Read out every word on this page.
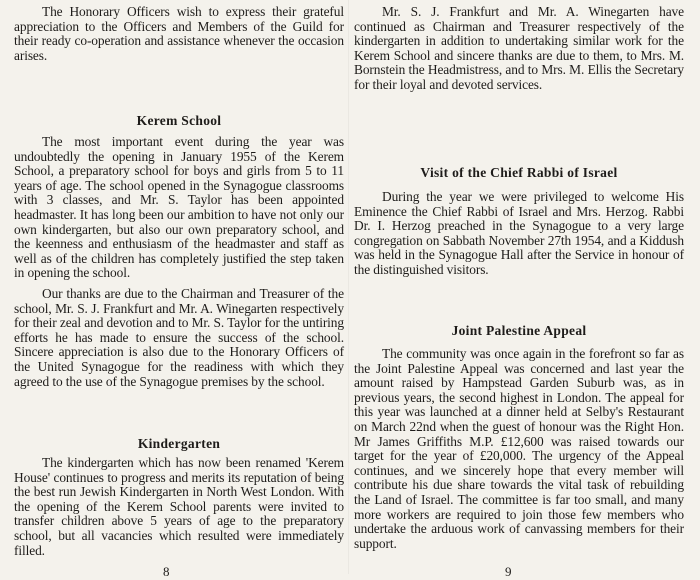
The Honorary Officers wish to express their grateful appreciation to the Officers and Members of the Guild for their ready co-operation and assistance whenever the occasion arises.

Kerem School

The most important event during the year was undoubtedly the opening in January 1955 of the Kerem School, a preparatory school for boys and girls from 5 to 11 years of age. The school opened in the Synagogue classrooms with 3 classes, and Mr. S. Taylor has been appointed headmaster. It has long been our ambition to have not only our own kindergarten, but also our own preparatory school, and the keenness and enthusiasm of the headmaster and staff as well as of the children has completely justified the step taken in opening the school.

Our thanks are due to the Chairman and Treasurer of the school, Mr. S. J. Frankfurt and Mr. A. Winegarten respectively for their zeal and devotion and to Mr. S. Taylor for the untiring efforts he has made to ensure the success of the school. Sincere appreciation is also due to the Honorary Officers of the United Synagogue for the readiness with which they agreed to the use of the Synagogue premises by the school.

Kindergarten

The kindergarten which has now been renamed 'Kerem House' continues to progress and merits its reputation of being the best run Jewish Kindergarten in North West London. With the opening of the Kerem School parents were invited to transfer children above 5 years of age to the preparatory school, but all vacancies which resulted were immediately filled.

Mr. S. J. Frankfurt and Mr. A. Winegarten have continued as Chairman and Treasurer respectively of the kindergarten in addition to undertaking similar work for the Kerem School and sincere thanks are due to them, to Mrs. M. Bornstein the Headmistress, and to Mrs. M. Ellis the Secretary for their loyal and devoted services.

Visit of the Chief Rabbi of Israel

During the year we were privileged to welcome His Eminence the Chief Rabbi of Israel and Mrs. Herzog. Rabbi Dr. I. Herzog preached in the Synagogue to a very large congregation on Sabbath November 27th 1954, and a Kiddush was held in the Synagogue Hall after the Service in honour of the distinguished visitors.

Joint Palestine Appeal

The community was once again in the forefront so far as the Joint Palestine Appeal was concerned and last year the amount raised by Hampstead Garden Suburb was, as in previous years, the second highest in London. The appeal for this year was launched at a dinner held at Selby's Restaurant on March 22nd when the guest of honour was the Right Hon. Mr James Griffiths M.P. £12,600 was raised towards our target for the year of £20,000. The urgency of the Appeal continues, and we sincerely hope that every member will contribute his due share towards the vital task of rebuilding the Land of Israel. The committee is far too small, and many more workers are required to join those few members who undertake the arduous work of canvassing members for their support.

8	9
